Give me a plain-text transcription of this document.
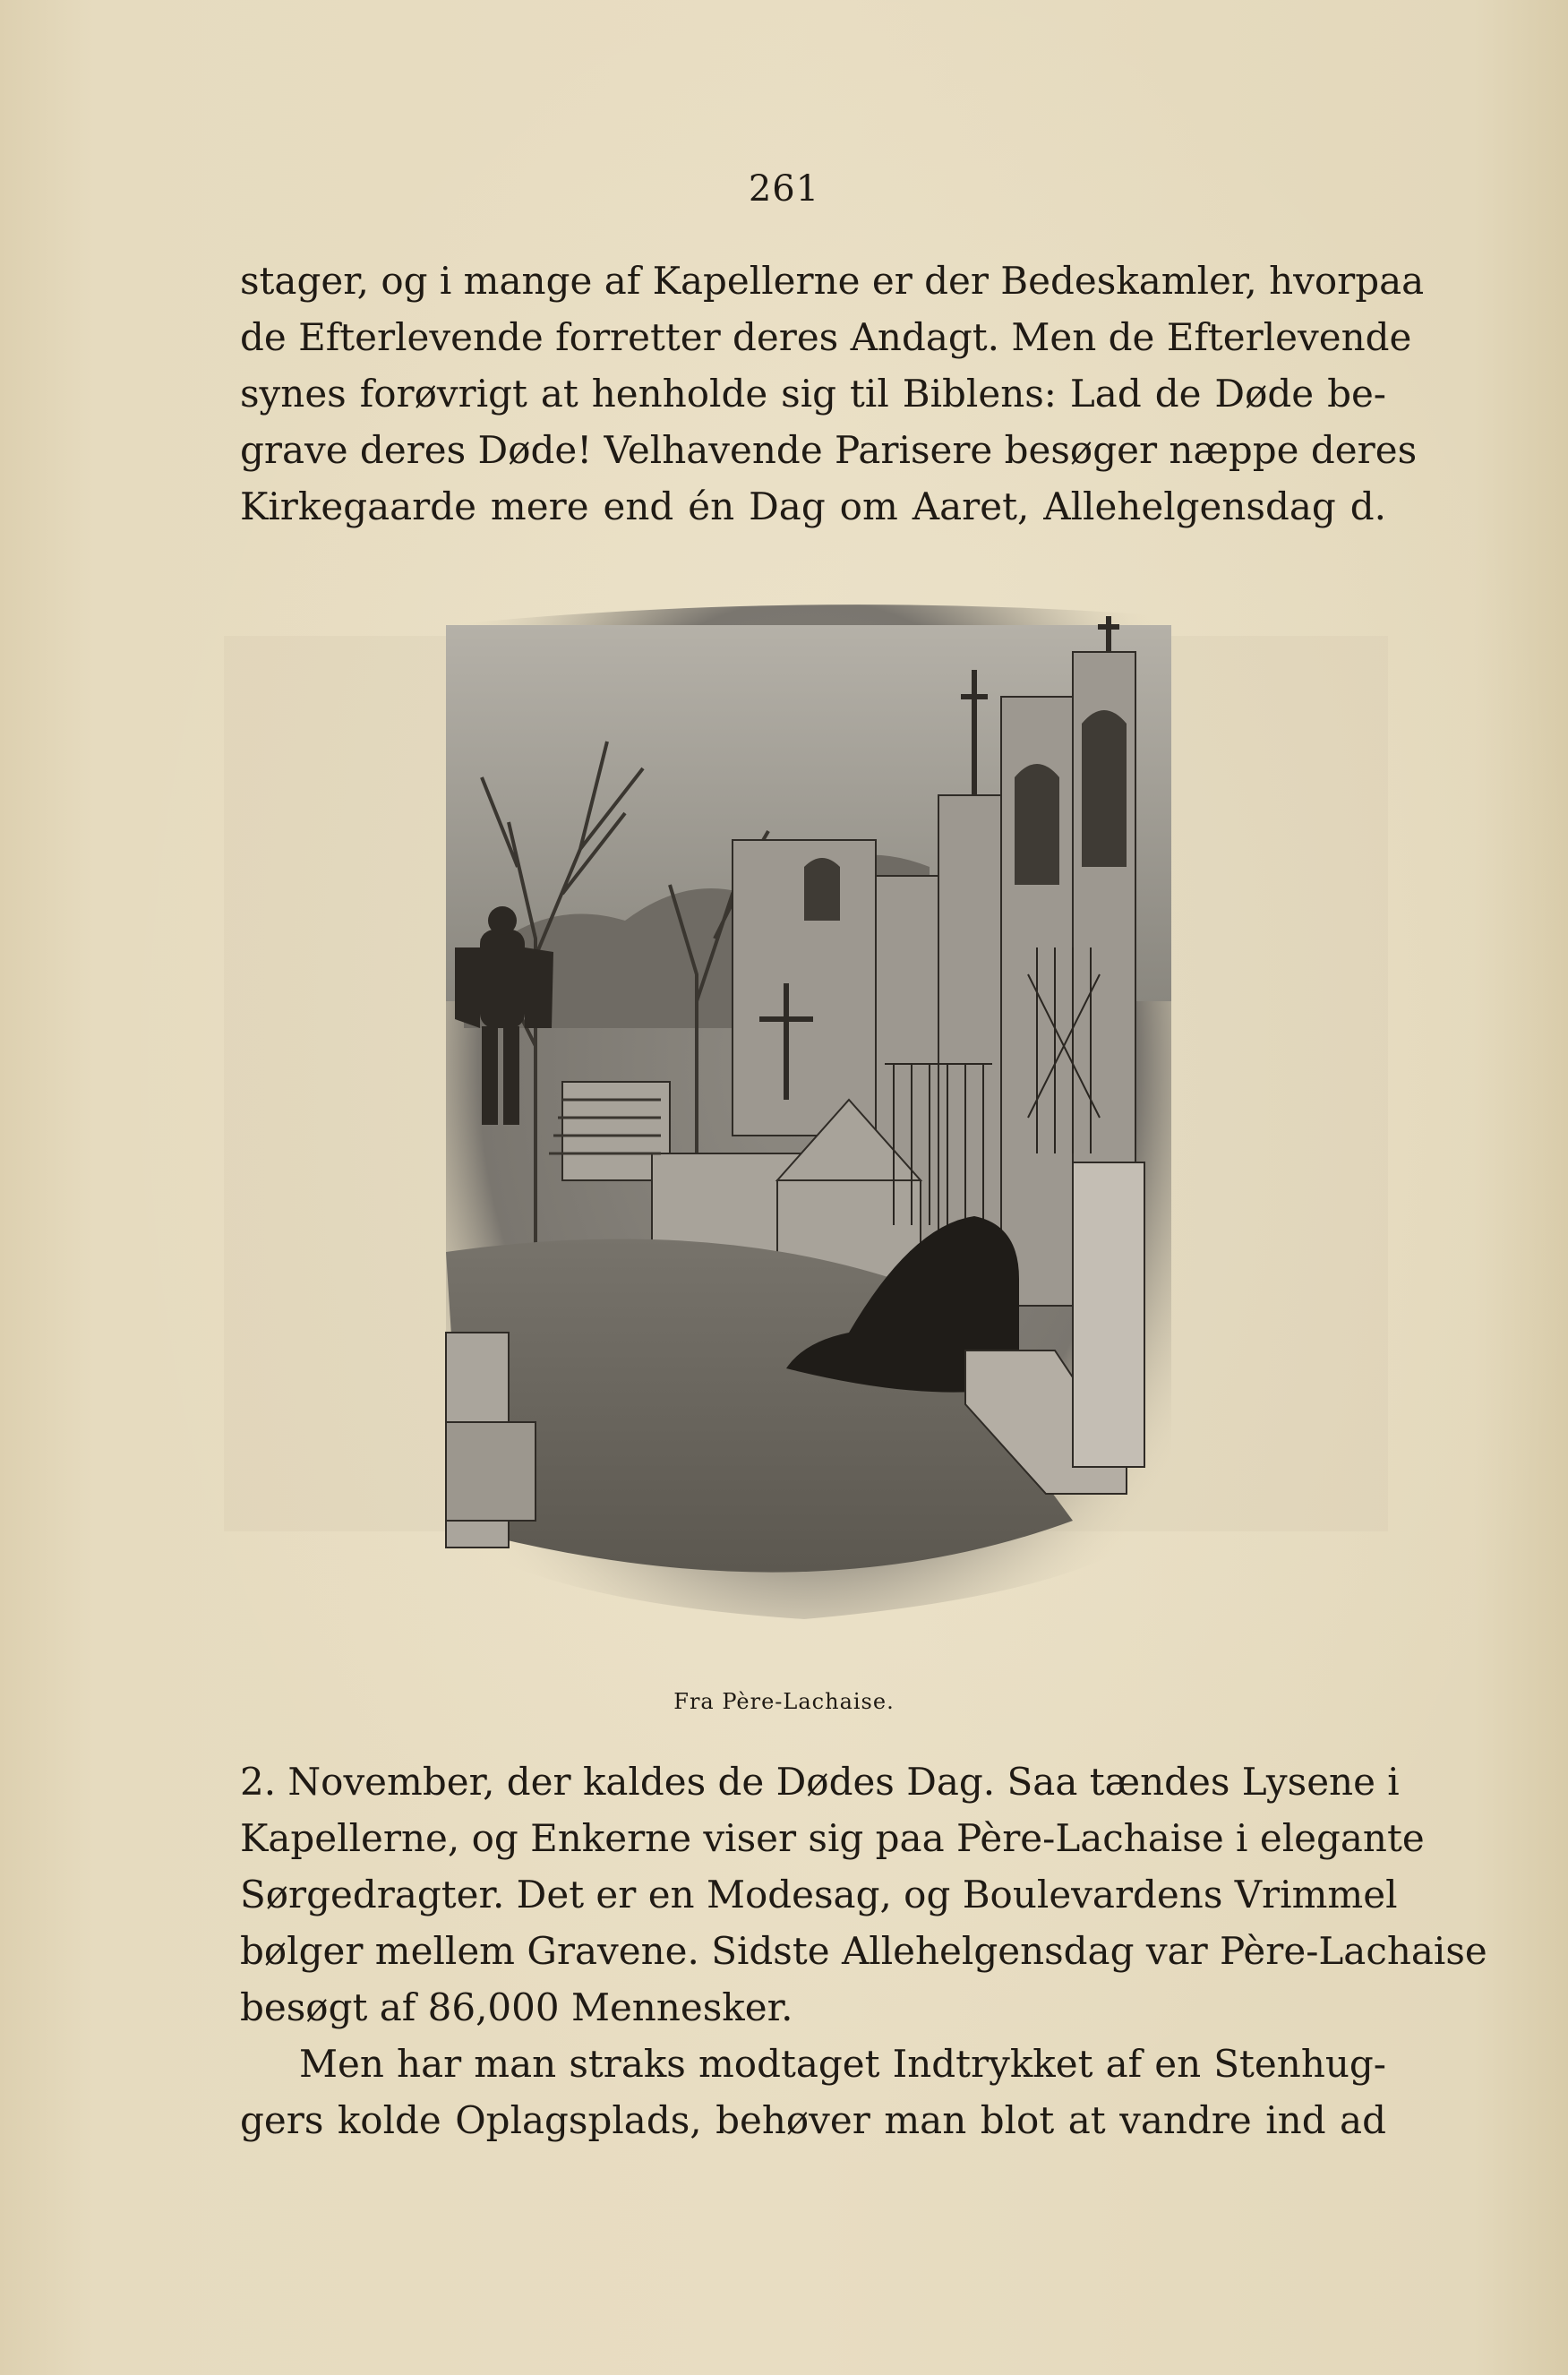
261
stager, og i mange af Kapellerne er der Bedeskamler, hvorpaa
de Efterlevende forretter deres Andagt. Men de Efterlevende
synes forøvrigt at henholde sig til Biblens: Lad de Døde be-
grave deres Døde! Velhavende Parisere besøger næppe deres
Kirkegaarde mere end én Dag om Aaret, Allehelgensdag d.
Fra Père-Lachaise.
2. November, der kaldes de Dødes Dag. Saa tændes Lysene i
Kapellerne, og Enkerne viser sig paa Père-Lachaise i elegante
Sørgedragter. Det er en Modesag, og Boulevardens Vrimmel
bølger mellem Gravene. Sidste Allehelgensdag var Père-Lachaise
besøgt af 86,000 Mennesker.
Men har man straks modtaget Indtrykket af en Stenhug-
gers kolde Oplagsplads, behøver man blot at vandre ind ad
